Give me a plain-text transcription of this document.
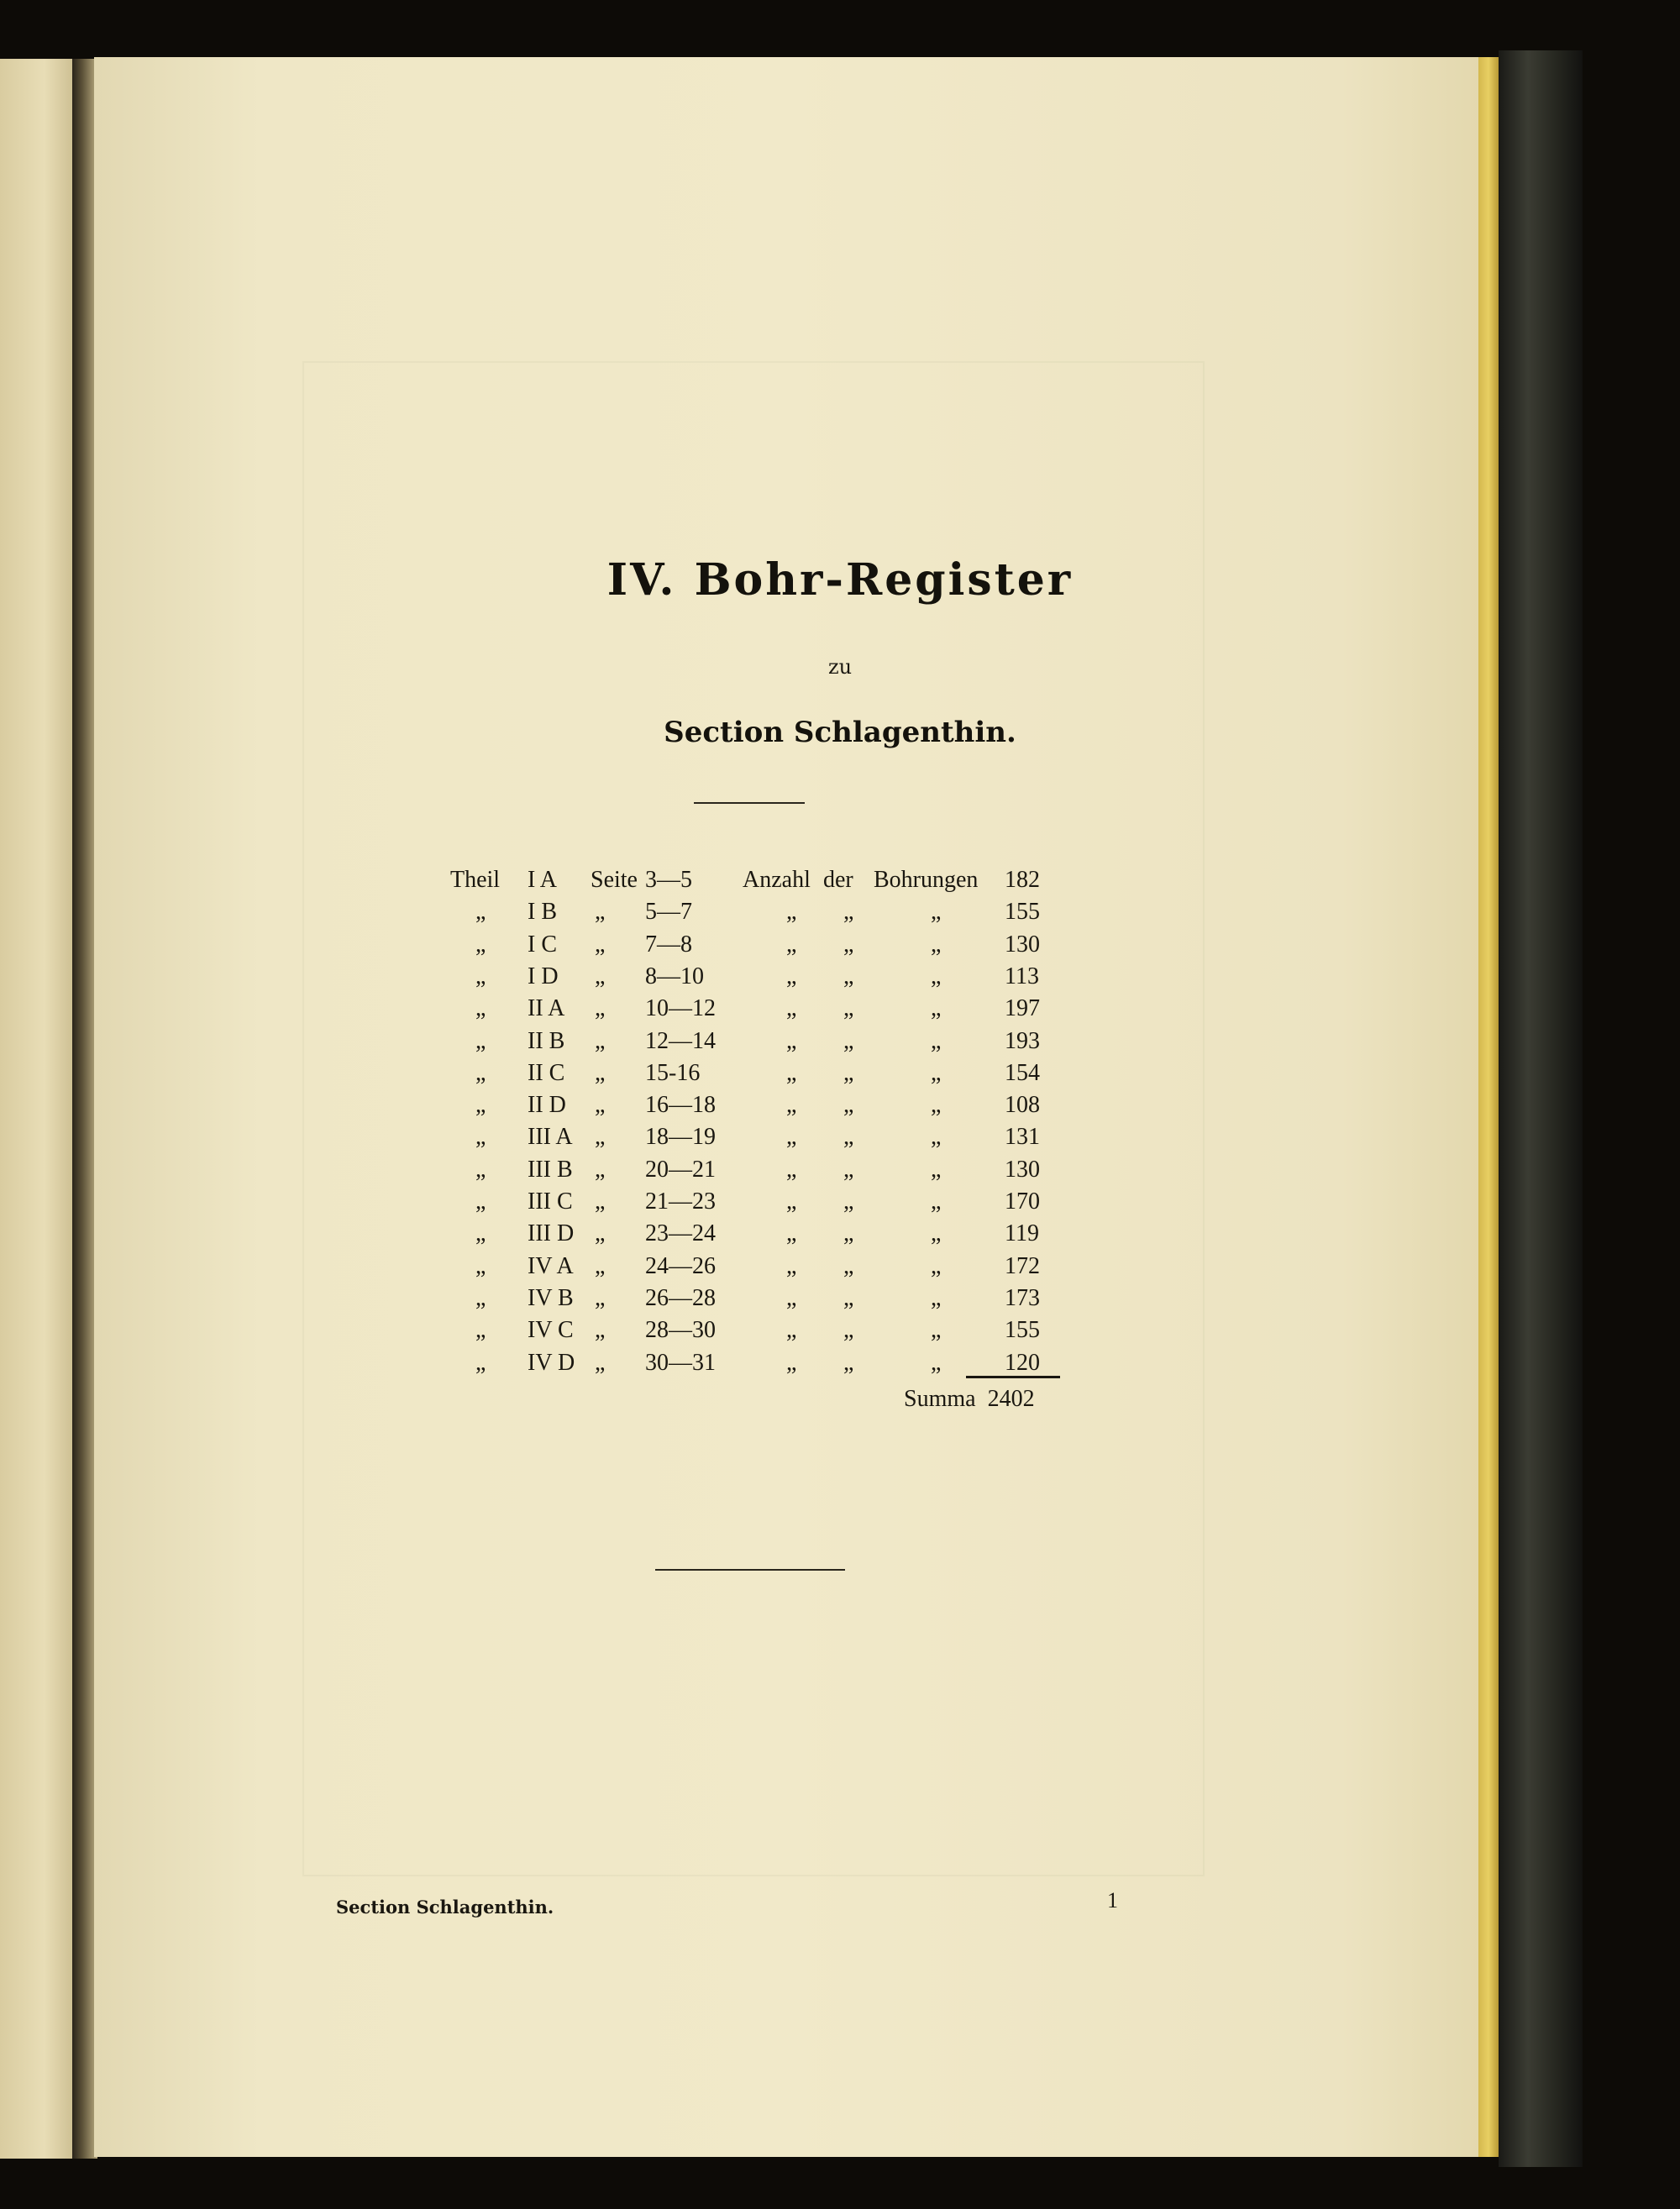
IV. Bohr-Register
zu
Section Schlagenthin.
Theil I A Seite 3—5 Anzahl der Bohrungen 182
„ I B „ 5—7	„ „	„	155
„ I C „ 7—8	„ „	„	130
„ I D „ 8—10	„ „	„	113
„ II A „ 10—12	„ „	„	197
„ II B „ 12—14	„ „	„	193
„ II C „ 15-16	„ „	„	154
„ II D „ 16—18	„ „	„	108
„ III A „ 18—19	„ „	„	131
„ III B „ 20—21	„ „	„	130
„ III C „ 21—23	„ „	„	170
„ III D „ 23—24	„ „	„	119
„ IV A „ 24—26	„ „	„	172
„ IV B „ 26—28	„ „	„	173
„ IV C „ 28—30	„ „	„	155
„ IV D „ 30—31	„ „	„	120
Summa 2402
Section Schlagenthin.	1
